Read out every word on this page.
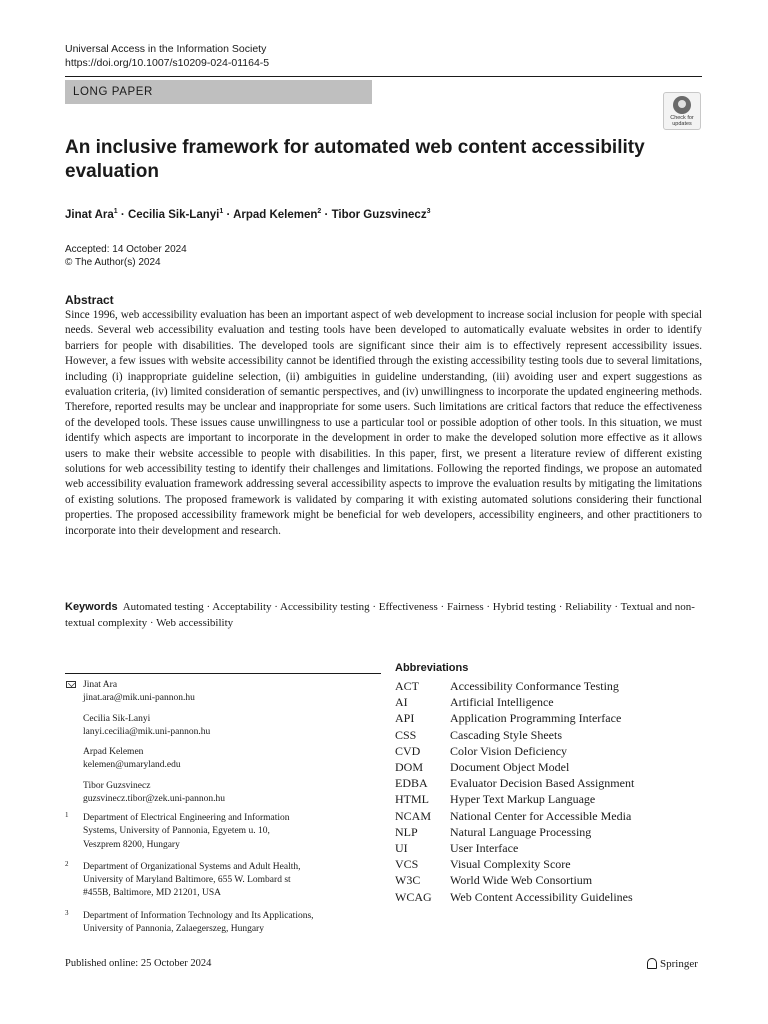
Universal Access in the Information Society
https://doi.org/10.1007/s10209-024-01164-5
LONG PAPER
Check for
updates
An inclusive framework for automated web content accessibility evaluation
Jinat Ara$^1$ · Cecilia Sik-Lanyi$^1$ · Arpad Kelemen$^2$ · Tibor Guzsvinecz$^3$
Accepted: 14 October 2024
© The Author(s) 2024
Abstract
Since 1996, web accessibility evaluation has been an important aspect of web development to increase social inclusion for people with special needs. Several web accessibility evaluation and testing tools have been developed to automatically evaluate websites in order to identify barriers for people with disabilities. The developed tools are significant since their aim is to effectively represent accessibility issues. However, a few issues with website accessibility cannot be identified through the existing accessibility testing tools due to several limitations, including (i) inappropriate guideline selection, (ii) ambiguities in guideline understanding, (iii) avoiding user and expert suggestions as evaluation criteria, (iv) limited consideration of semantic perspectives, and (iv) unwillingness to incorporate the updated engineering methods. Therefore, reported results may be unclear and inappropriate for some users. Such limitations are critical factors that reduce the effectiveness of the developed tools. These issues cause unwillingness to use a particular tool or possible adoption of other tools. In this situation, we must identify which aspects are important to incorporate in the development in order to make the developed solution more effective as it allows users to make their website accessible to people with disabilities. In this paper, first, we present a literature review of different existing solutions for web accessibility testing to identify their challenges and limitations. Following the reported findings, we propose an automated web accessibility evaluation framework addressing several accessibility aspects to improve the evaluation results by mitigating the limitations of existing solutions. The proposed framework is validated by comparing it with existing automated solutions considering their functional properties. The proposed accessibility framework might be beneficial for web developers, accessibility engineers, and other practitioners to incorporate into their development and research.
Keywords Automated testing · Acceptability · Accessibility testing · Effectiveness · Fairness · Hybrid testing · Reliability · Textual and non-textual complexity · Web accessibility
Jinat Ara
jinat.ara@mik.uni-pannon.hu
Cecilia Sik-Lanyi
lanyi.cecilia@mik.uni-pannon.hu
Arpad Kelemen
kelemen@umaryland.edu
Tibor Guzsvinecz
guzsvinecz.tibor@zek.uni-pannon.hu
1 Department of Electrical Engineering and Information
Systems, University of Pannonia, Egyetem u. 10,
Veszprem 8200, Hungary
2 Department of Organizational Systems and Adult Health,
University of Maryland Baltimore, 655 W. Lombard st
#455B, Baltimore, MD 21201, USA
3 Department of Information Technology and Its Applications,
University of Pannonia, Zalaegerszeg, Hungary
Abbreviations
ACT	Accessibility Conformance Testing
AI	Artificial Intelligence
API	Application Programming Interface
CSS	Cascading Style Sheets
CVD Color Vision Deficiency
DOM Document Object Model
EDBA Evaluator Decision Based Assignment
HTML Hyper Text Markup Language
NCAM National Center for Accessible Media
NLP	Natural Language Processing
UI	User Interface
VCS	Visual Complexity Score
W3C World Wide Web Consortium
WCAG Web Content Accessibility Guidelines
Published online: 25 October 2024	Springer
